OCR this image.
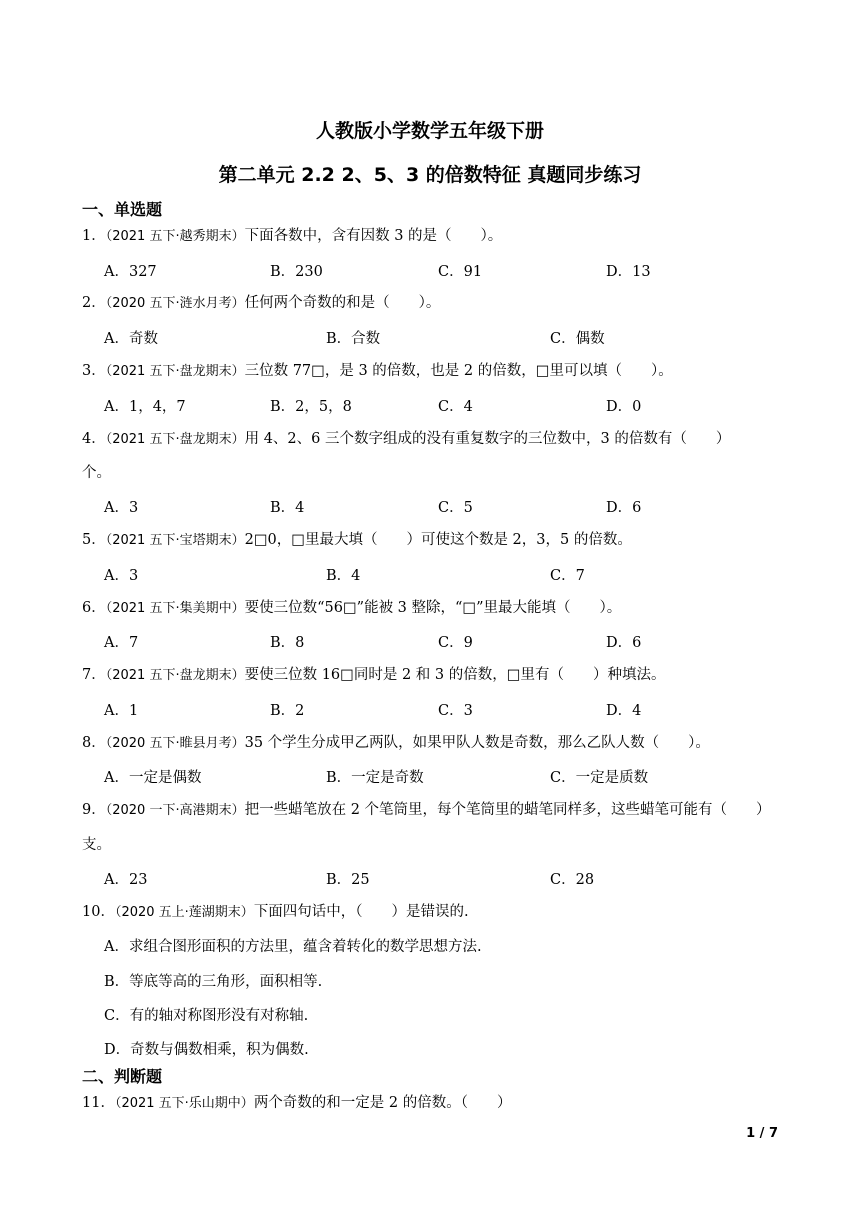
人教版小学数学五年级下册
第二单元 2.2 2、5、3 的倍数特征 真题同步练习
一、单选题
1．（2021 五下·越秀期末）下面各数中，含有因数 3 的是（　　）。
A．327	B．230	C．91	D．13
2．（2020 五下·涟水月考）任何两个奇数的和是（　　）。
A．奇数	B．合数	C．偶数
3．（2021 五下·盘龙期末）三位数 77□，是 3 的倍数，也是 2 的倍数，□里可以填（　　）。
A．1，4，7	B．2，5，8	C．4	D．0
4．（2021 五下·盘龙期末）用 4、2、6 三个数字组成的没有重复数字的三位数中，3 的倍数有（　　）
个。
A．3	B．4	C．5	D．6
5．（2021 五下·宝塔期末）2□0，□里最大填（　　）可使这个数是 2，3，5 的倍数。
A．3	B．4	C．7
6．（2021 五下·集美期中）要使三位数“56□”能被 3 整除，“□”里最大能填（　　）。
A．7	B．8	C．9	D．6
7．（2021 五下·盘龙期末）要使三位数 16□同时是 2 和 3 的倍数，□里有（　　）种填法。
A．1	B．2	C．3	D．4
8．（2020 五下·睢县月考）35 个学生分成甲乙两队，如果甲队人数是奇数，那么乙队人数（　　）。
A．一定是偶数	B．一定是奇数	C．一定是质数
9．（2020 一下·高港期末）把一些蜡笔放在 2 个笔筒里，每个笔筒里的蜡笔同样多，这些蜡笔可能有（　　）
支。
A．23	B．25	C．28
10．（2020 五上·莲湖期末）下面四句话中，（　　）是错误的.
A．求组合图形面积的方法里，蕴含着转化的数学思想方法.
B．等底等高的三角形，面积相等.
C．有的轴对称图形没有对称轴.
D．奇数与偶数相乘，积为偶数.
二、判断题
11．（2021 五下·乐山期中）两个奇数的和一定是 2 的倍数。（　　）
1 / 7
